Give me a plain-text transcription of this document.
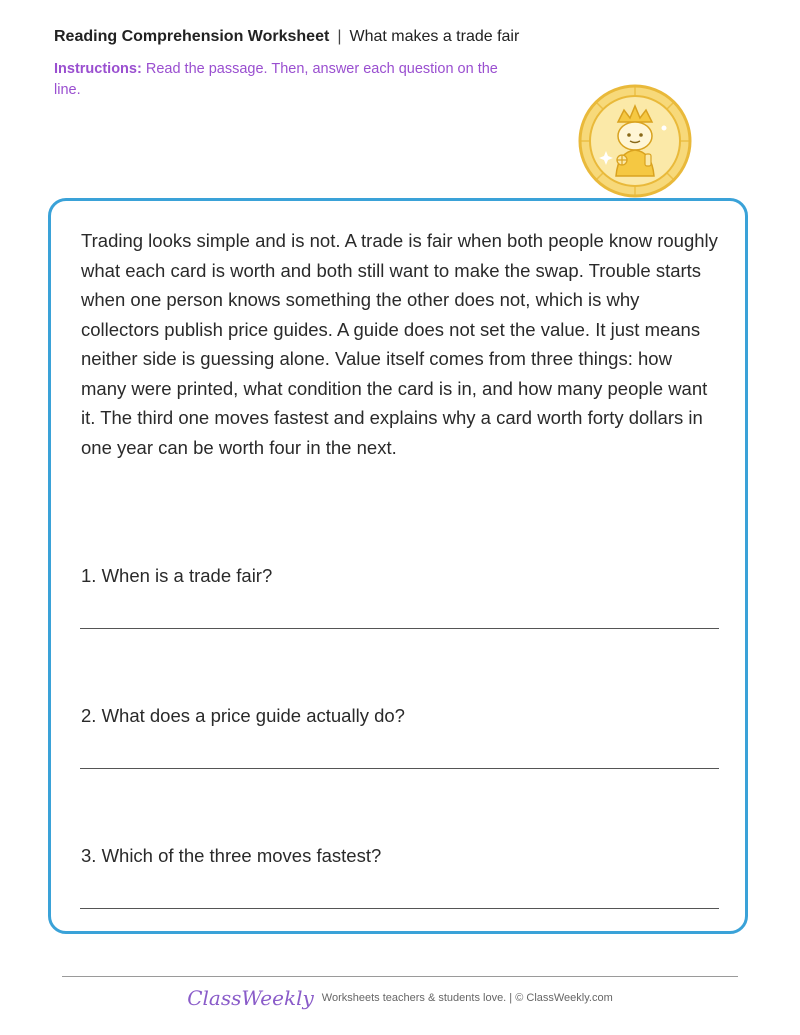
Reading Comprehension Worksheet | What makes a trade fair
Instructions: Read the passage. Then, answer each question on the line.
Trading looks simple and is not. A trade is fair when both people know roughly what each card is worth and both still want to make the swap. Trouble starts when one person knows something the other does not, which is why collectors publish price guides. A guide does not set the value. It just means neither side is guessing alone. Value itself comes from three things: how many were printed, what condition the card is in, and how many people want it. The third one moves fastest and explains why a card worth forty dollars in one year can be worth four in the next.
1. When is a trade fair?
2. What does a price guide actually do?
3. Which of the three moves fastest?
ClassWeekly Worksheets teachers & students love. | © ClassWeekly.com
